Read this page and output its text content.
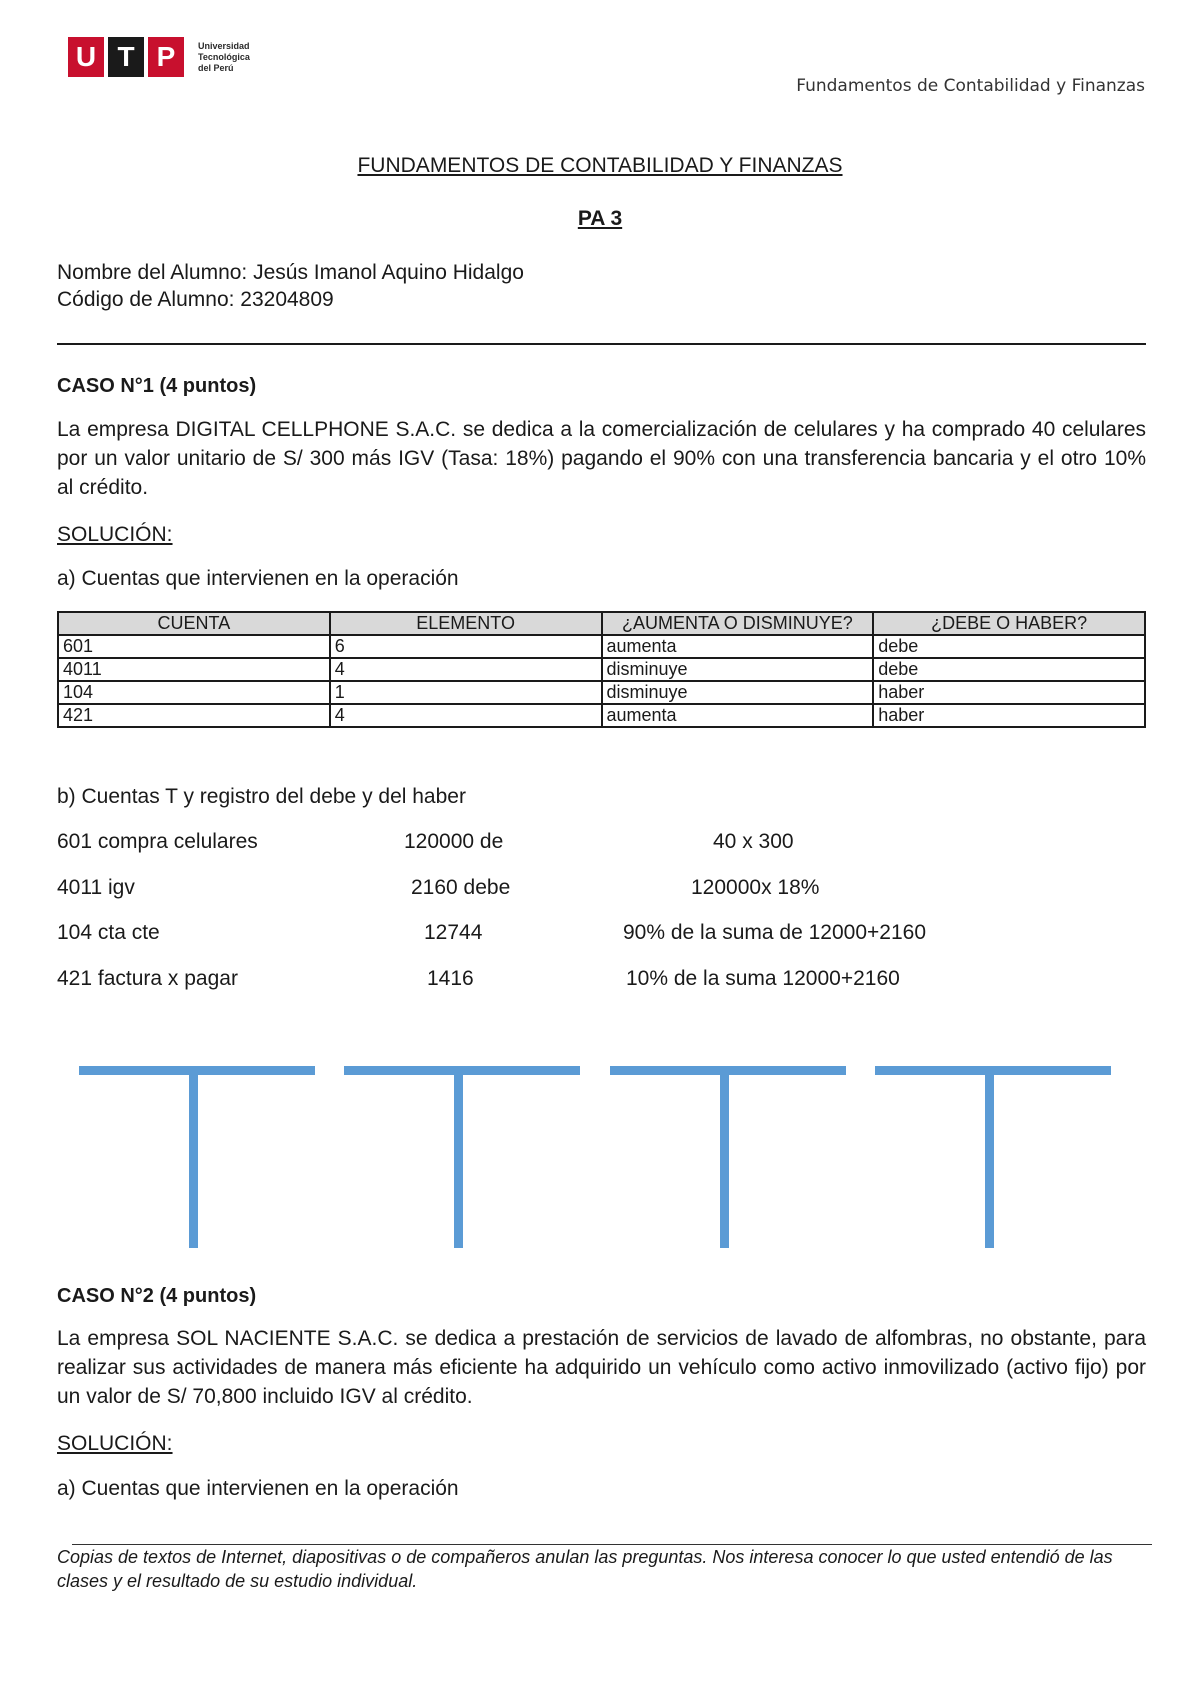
U T P	Universidad
Tecnológica
del Perú
Fundamentos de Contabilidad y Finanzas
FUNDAMENTOS DE CONTABILIDAD Y FINANZAS
PA 3
Nombre del Alumno: Jesús Imanol Aquino Hidalgo
Código de Alumno: 23204809
CASO N°1 (4 puntos)
La empresa DIGITAL CELLPHONE S.A.C. se dedica a la comercialización de celulares y ha comprado 40 celulares por un valor unitario de S/ 300 más IGV (Tasa: 18%) pagando el 90% con una transferencia bancaria y el otro 10% al crédito.
SOLUCIÓN:
a) Cuentas que intervienen en la operación
CUENTA	ELEMENTO	¿AUMENTA O DISMINUYE?	¿DEBE O HABER?
601	6	aumenta	debe
4011	4	disminuye	debe
104	1	disminuye	haber
421	4	aumenta	haber
b) Cuentas T y registro del debe y del haber
601 compra celulares	120000 de	40 x 300
4011 igv	2160 debe	120000x 18%
104 cta cte	12744	90% de la suma de 12000+2160
421 factura x pagar	1416	10% de la suma 12000+2160
CASO N°2 (4 puntos)
La empresa SOL NACIENTE S.A.C. se dedica a prestación de servicios de lavado de alfombras, no obstante, para realizar sus actividades de manera más eficiente ha adquirido un vehículo como activo inmovilizado (activo fijo) por un valor de S/ 70,800 incluido IGV al crédito.
SOLUCIÓN:
a) Cuentas que intervienen en la operación
Copias de textos de Internet, diapositivas o de compañeros anulan las preguntas. Nos interesa conocer lo que usted entendió de las clases y el resultado de su estudio individual.
